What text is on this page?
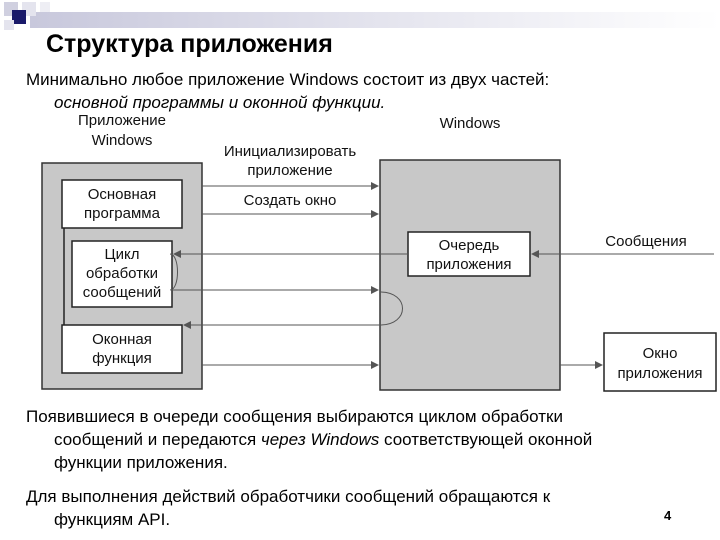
Структура приложения
Минимально любое приложение Windows состоит из двух частей:
основной программы и оконной функции.
Приложение
Windows
Windows
Основная
программа
Цикл
обработки
сообщений
Оконная
функция
Очередь
приложения
Инициализировать
приложение
Создать окно
Сообщения
Окно
приложения
Появившиеся в очереди сообщения выбираются циклом обработки
сообщений и передаются через Windows соответствующей оконной
функции приложения.
Для выполнения действий обработчики сообщений обращаются к
функциям API.	4
